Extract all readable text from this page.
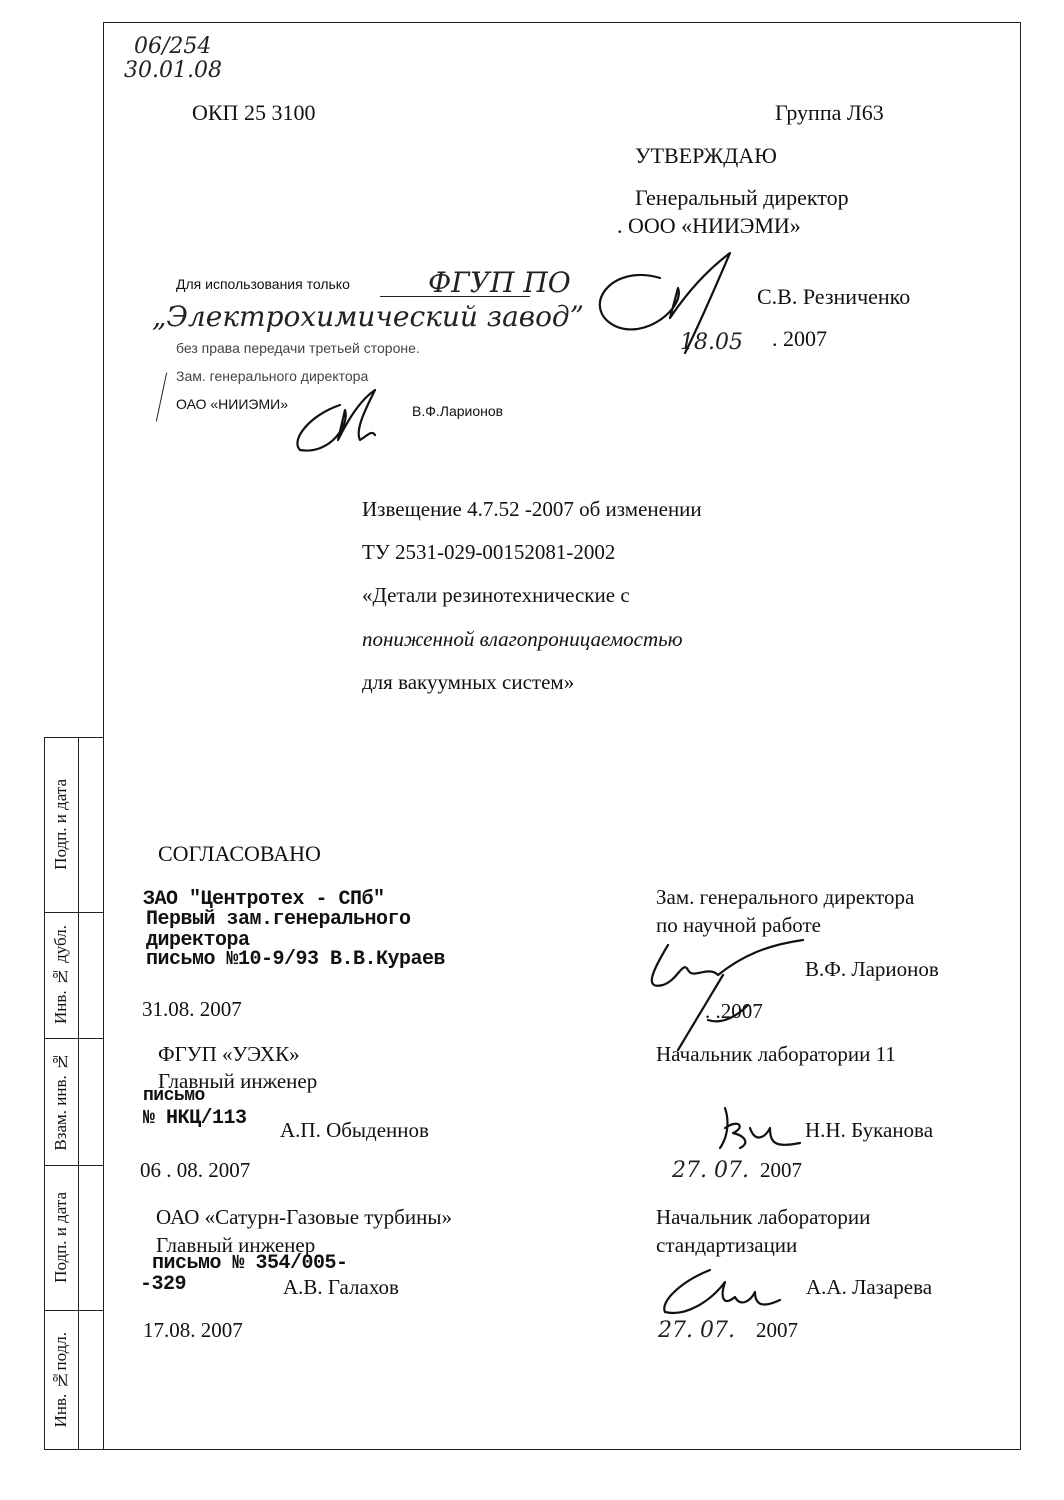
Подп. и дата
Инв. № дубл.
Взам. инв. №
Подп. и дата
Инв. №подл.
06/254
30.01.08
ОКП 25 3100	Группа Л63
УТВЕРЖДАЮ
Генеральный директор
. ООО «НИИЭМИ»
С.В. Резниченко
18.05 . 2007
Для использования только	ФГУП ПО
„Электрохимический завод”
без права передачи третьей стороне.
Зам. генерального директора
ОАО «НИИЭМИ»	В.Ф.Ларионов
Извещение 4.7.52 -2007 об изменении
ТУ 2531-029-00152081-2002
«Детали резинотехнические с
пониженной влагопроницаемостью
для вакуумных систем»
СОГЛАСОВАНО
ЗАО "Центротех - СПб"
Первый зам.генерального
директора
письмо №10-9/93 В.В.Кураев
31.08. 2007
ФГУП «УЭХК»
Главный инженер
письмо
№ НКЦ/113 А.П. Обыденнов
06 . 08. 2007
ОАО «Сатурн-Газовые турбины»
Главный инженер
письмо № 354/005-
-329	А.В. Галахов
17.08. 2007
Зам. генерального директора
по научной работе
В.Ф. Ларионов
. .2007
Начальник лаборатории 11
Н.Н. Буканова
27. 07. 2007
Начальник лаборатории
стандартизации
А.А. Лазарева
27. 07. 2007
